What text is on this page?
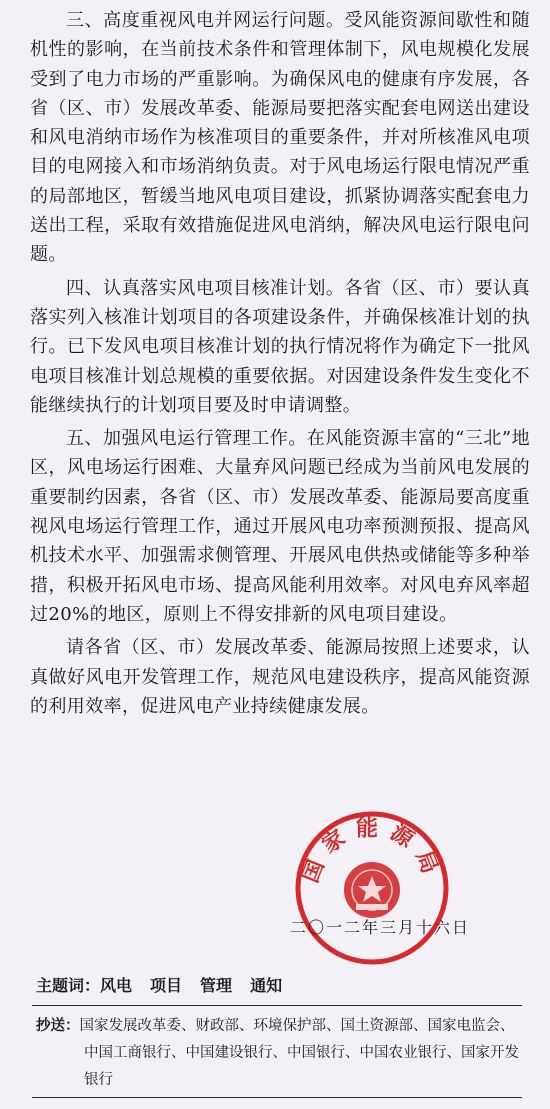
三、高度重视风电并网运行问题。受风能资源间歇性和随机性的影响，在当前技术条件和管理体制下，风电规模化发展受到了电力市场的严重影响。为确保风电的健康有序发展，各省（区、市）发展改革委、能源局要把落实配套电网送出建设和风电消纳市场作为核准项目的重要条件，并对所核准风电项目的电网接入和市场消纳负责。对于风电场运行限电情况严重的局部地区，暂缓当地风电项目建设，抓紧协调落实配套电力送出工程，采取有效措施促进风电消纳，解决风电运行限电问题。

四、认真落实风电项目核准计划。各省（区、市）要认真落实列入核准计划项目的各项建设条件，并确保核准计划的执行。已下发风电项目核准计划的执行情况将作为确定下一批风电项目核准计划总规模的重要依据。对因建设条件发生变化不能继续执行的计划项目要及时申请调整。

五、加强风电运行管理工作。在风能资源丰富的“三北”地区，风电场运行困难、大量弃风问题已经成为当前风电发展的重要制约因素，各省（区、市）发展改革委、能源局要高度重视风电场运行管理工作，通过开展风电功率预测预报、提高风机技术水平、加强需求侧管理、开展风电供热或储能等多种举措，积极开拓风电市场、提高风能利用效率。对风电弃风率超过20%的地区，原则上不得安排新的风电项目建设。

请各省（区、市）发展改革委、能源局按照上述要求，认真做好风电开发管理工作，规范风电建设秩序，提高风能资源的利用效率，促进风电产业持续健康发展。

国家能源局
二〇一二年三月十六日
主题词：风电 项目 管理 通知
抄送：国家发展改革委、财政部、环境保护部、国土资源部、国家电监会、
中国工商银行、中国建设银行、中国银行、中国农业银行、国家开发
银行
